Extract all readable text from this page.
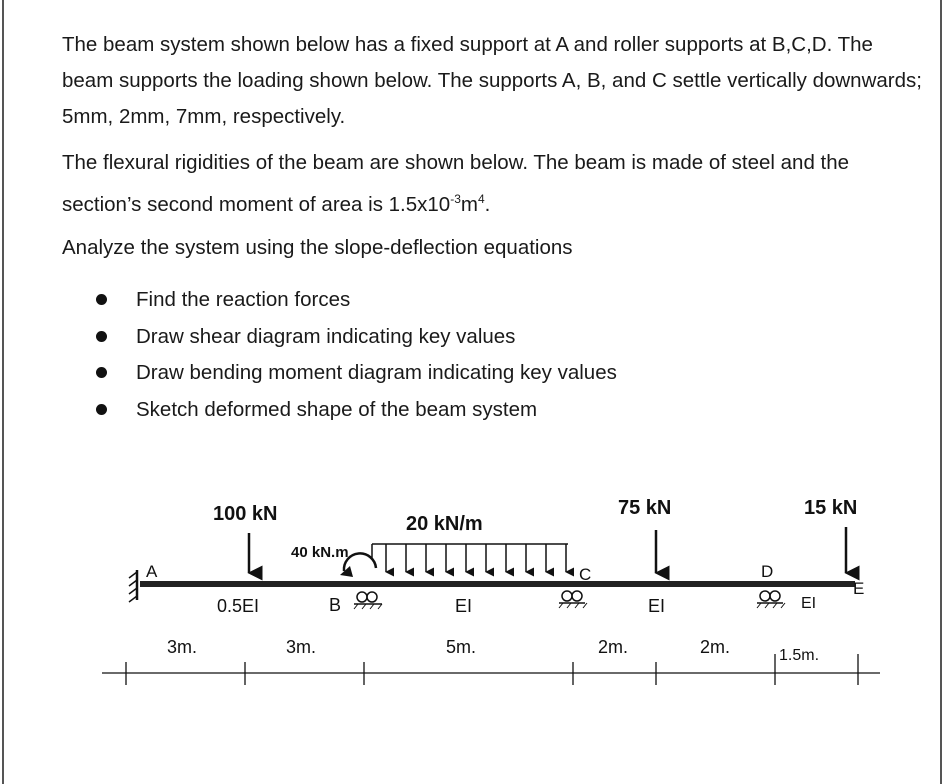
The beam system shown below has a fixed support at A and roller supports at B,C,D. The beam supports the loading shown below. The supports A, B, and C settle vertically downwards; 5mm, 2mm, 7mm, respectively.

The flexural rigidities of the beam are shown below. The beam is made of steel and the section’s second moment of area is $1.5x10^{-3}m^4$.

Analyze the system using the slope-deflection equations

Find the reaction forces
Draw shear diagram indicating key values
Draw bending moment diagram indicating key values
Sketch deformed shape of the beam system
100 kN	20 kN/m
75 kN	15 kN
40 kN.m
A
B
C	D
E
0.5EI	EI	EI	EI
3m.	3m.	5m.	2m.	2m.	1.5m.
